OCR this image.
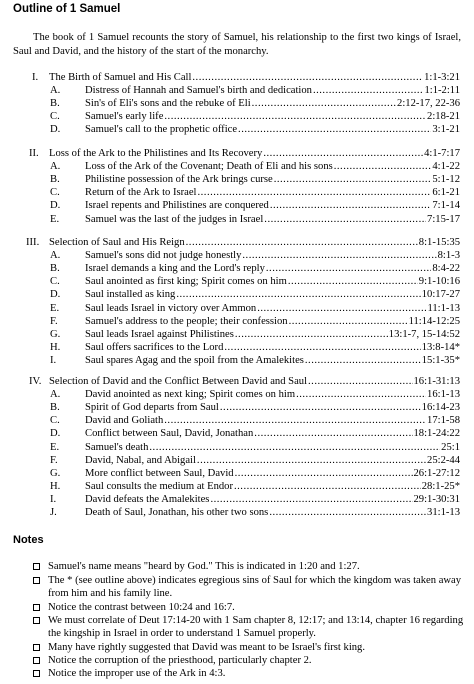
Outline of 1 Samuel
The book of 1 Samuel recounts the story of Samuel, his relationship to the first two kings of Israel, Saul and David, and the history of the start of the monarchy.
I. The Birth of Samuel and His Call .....	1:1-3:21
A. Distress of Hannah and Samuel's birth and dedication .....	1:1-2:11
B. Sin's of Eli's sons and the rebuke of Eli .....	2:12-17, 22-36
C. Samuel's early life .....	2:18-21
D. Samuel's call to the prophetic office .....	3:1-21
II. Loss of the Ark to the Philistines and Its Recovery .....	4:1-7:17
A. Loss of the Ark of the Covenant; Death of Eli and his sons .....	4:1-22
B. Philistine possession of the Ark brings curse .....	5:1-12
C. Return of the Ark to Israel .....	6:1-21
D. Israel repents and Philistines are conquered .....	7:1-14
E. Samuel was the last of the judges in Israel .....	7:15-17
III. Selection of Saul and His Reign .....	8:1-15:35
A. Samuel's sons did not judge honestly .....	8:1-3
B. Israel demands a king and the Lord's reply .....	8:4-22
C. Saul anointed as first king; Spirit comes on him .....	9:1-10:16
D. Saul installed as king .....	10:17-27
E. Saul leads Israel in victory over Ammon .....	11:1-13
F.	Samuel's address to the people; their confession .....	11:14-12:25
G. Saul leads Israel against Philistines .....	13:1-7, 15-14:52
H. Saul offers sacrifices to the Lord .....	13:8-14*
I.	Saul spares Agag and the spoil from the Amalekites .....	15:1-35*
IV. Selection of David and the Conflict Between David and Saul .....	16:1-31:13
A. David anointed as next king; Spirit comes on him .....	16:1-13
B. Spirit of God departs from Saul .....	16:14-23
C. David and Goliath .....	17:1-58
D. Conflict between Saul, David, Jonathan .....	18:1-24:22
E. Samuel's death .....	25:1
F.	David, Nabal, and Abigail .....	25:2-44
G. More conflict between Saul, David .....	26:1-27:12
H. Saul consults the medium at Endor .....	28:1-25*
I.	David defeats the Amalekites .....	29:1-30:31
J.	Death of Saul, Jonathan, his other two sons .....	31:1-13
Notes
Samuel's name means "heard by God." This is indicated in 1:20 and 1:27.
The * (see outline above) indicates egregious sins of Saul for which the kingdom was taken away from him and his family line.
Notice the contrast between 10:24 and 16:7.
We must correlate of Deut 17:14-20 with 1 Sam chapter 8, 12:17; and 13:14, chapter 16 regarding the kingship in Israel in order to understand 1 Samuel properly.
Many have rightly suggested that David was meant to be Israel's first king.
Notice the corruption of the priesthood, particularly chapter 2.
Notice the improper use of the Ark in 4:3.
